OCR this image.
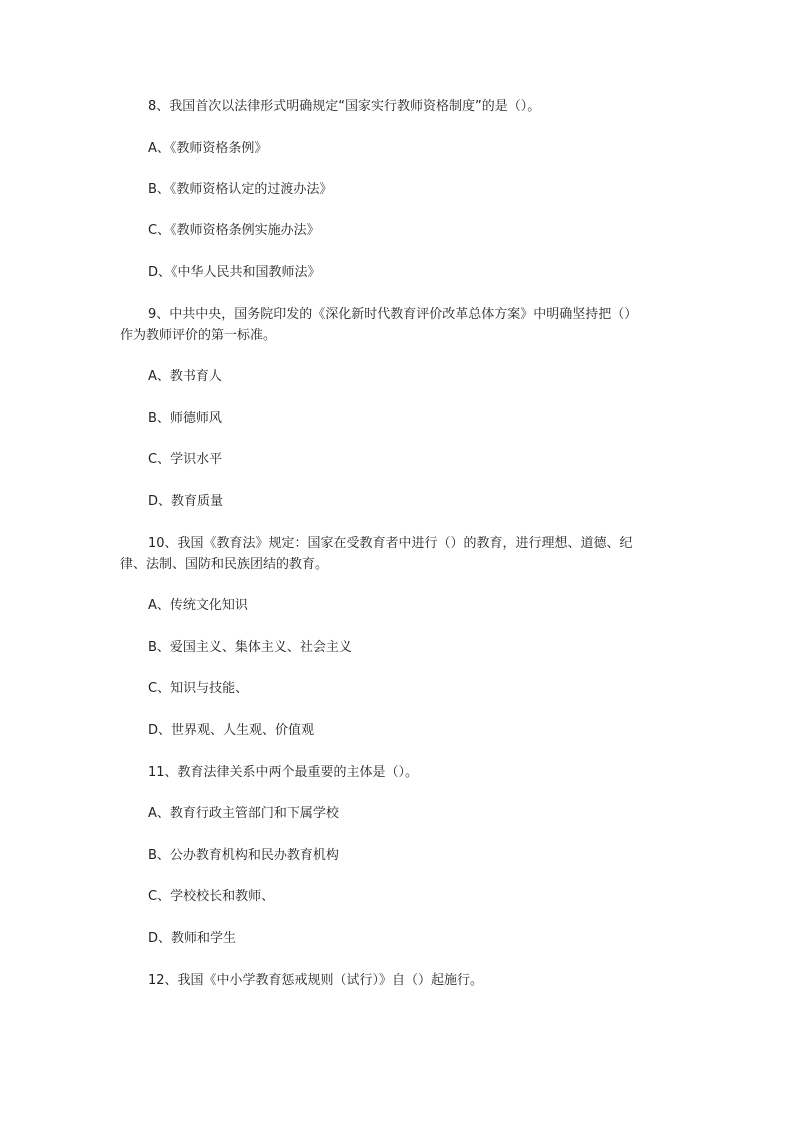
8、我国首次以法律形式明确规定“国家实行教师资格制度”的是（）。
A、《教师资格条例》
B、《教师资格认定的过渡办法》
C、《教师资格条例实施办法》
D、《中华人民共和国教师法》
9、中共中央，国务院印发的《深化新时代教育评价改革总体方案》中明确坚持把（）
作为教师评价的第一标准。
A、教书育人
B、师德师风
C、学识水平
D、教育质量
10、我国《教育法》规定：国家在受教育者中进行（）的教育，进行理想、道德、纪
律、法制、国防和民族团结的教育。
A、传统文化知识
B、爱国主义、集体主义、社会主义
C、知识与技能、
D、世界观、人生观、价值观
11、教育法律关系中两个最重要的主体是（）。
A、教育行政主管部门和下属学校
B、公办教育机构和民办教育机构
C、学校校长和教师、
D、教师和学生
12、我国《中小学教育惩戒规则（试行）》自（）起施行。
